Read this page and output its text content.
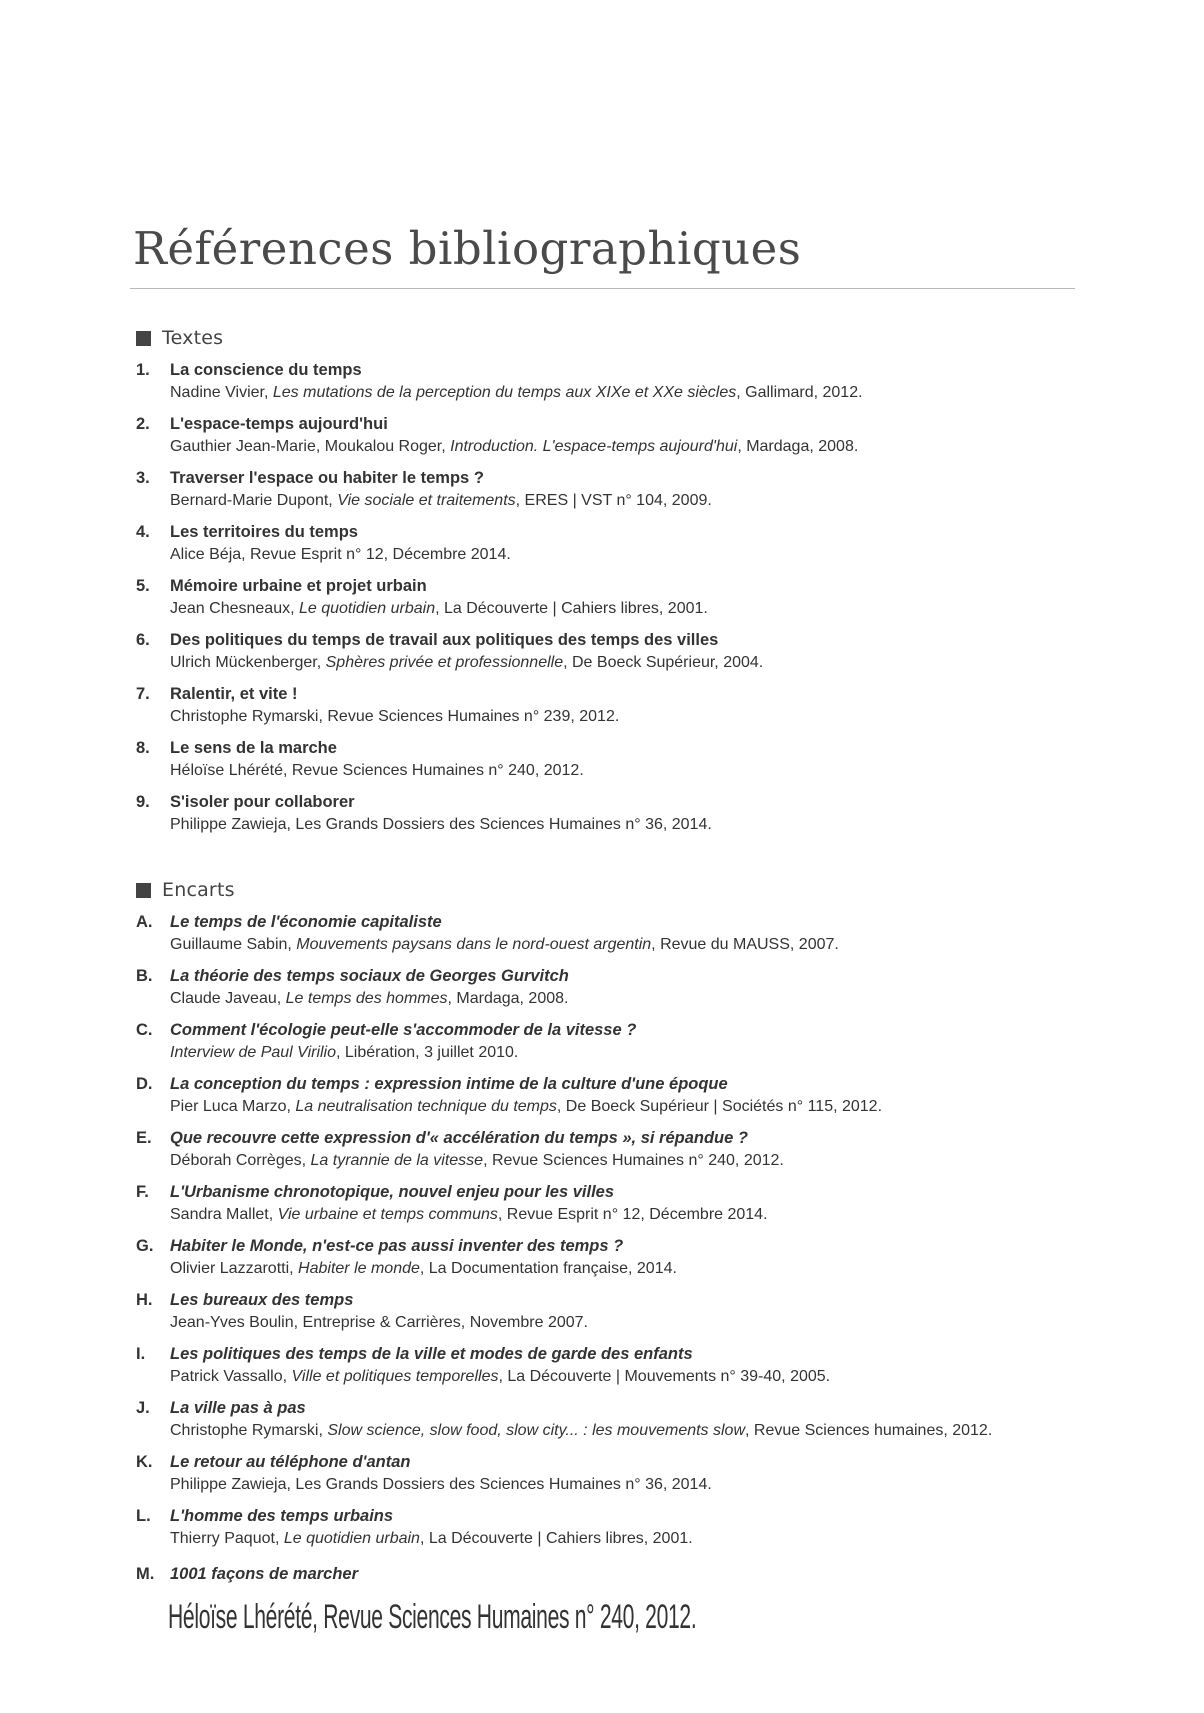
Références bibliographiques
Textes
1.	La conscience du temps
Nadine Vivier, Les mutations de la perception du temps aux XIXe et XXe siècles, Gallimard, 2012.
2.	L'espace-temps aujourd'hui
Gauthier Jean-Marie, Moukalou Roger, Introduction. L'espace-temps aujourd'hui, Mardaga, 2008.
3.	Traverser l'espace ou habiter le temps ?
Bernard-Marie Dupont, Vie sociale et traitements, ERES | VST n° 104, 2009.
4.	Les territoires du temps
Alice Béja, Revue Esprit n° 12, Décembre 2014.
5.	Mémoire urbaine et projet urbain
Jean Chesneaux, Le quotidien urbain, La Découverte | Cahiers libres, 2001.
6.	Des politiques du temps de travail aux politiques des temps des villes
Ulrich Mückenberger, Sphères privée et professionnelle, De Boeck Supérieur, 2004.
7.	Ralentir, et vite !
Christophe Rymarski, Revue Sciences Humaines n° 239, 2012.
8.	Le sens de la marche
Héloïse Lhérété, Revue Sciences Humaines n° 240, 2012.
9.	S'isoler pour collaborer
Philippe Zawieja, Les Grands Dossiers des Sciences Humaines n° 36, 2014.
Encarts
A.	Le temps de l'économie capitaliste
Guillaume Sabin, Mouvements paysans dans le nord-ouest argentin, Revue du MAUSS, 2007.
B.	La théorie des temps sociaux de Georges Gurvitch
Claude Javeau, Le temps des hommes, Mardaga, 2008.
C.	Comment l'écologie peut-elle s'accommoder de la vitesse ?
Interview de Paul Virilio, Libération, 3 juillet 2010.
D.	La conception du temps : expression intime de la culture d'une époque
Pier Luca Marzo, La neutralisation technique du temps, De Boeck Supérieur | Sociétés n° 115, 2012.
E.	Que recouvre cette expression d'« accélération du temps », si répandue ?
Déborah Corrèges, La tyrannie de la vitesse, Revue Sciences Humaines n° 240, 2012.
F.	L'Urbanisme chronotopique, nouvel enjeu pour les villes
Sandra Mallet, Vie urbaine et temps communs, Revue Esprit n° 12, Décembre 2014.
G.	Habiter le Monde, n'est-ce pas aussi inventer des temps ?
Olivier Lazzarotti, Habiter le monde, La Documentation française, 2014.
H.	Les bureaux des temps
Jean-Yves Boulin, Entreprise & Carrières, Novembre 2007.
I.	Les politiques des temps de la ville et modes de garde des enfants
Patrick Vassallo, Ville et politiques temporelles, La Découverte | Mouvements n° 39-40, 2005.
J.	La ville pas à pas
Christophe Rymarski, Slow science, slow food, slow city... : les mouvements slow, Revue Sciences humaines, 2012.
K.	Le retour au téléphone d'antan
Philippe Zawieja, Les Grands Dossiers des Sciences Humaines n° 36, 2014.
L.	L'homme des temps urbains
Thierry Paquot, Le quotidien urbain, La Découverte | Cahiers libres, 2001.
M. 1001 façons de marcher
Héloïse Lhérété, Revue Sciences Humaines n° 240, 2012.
